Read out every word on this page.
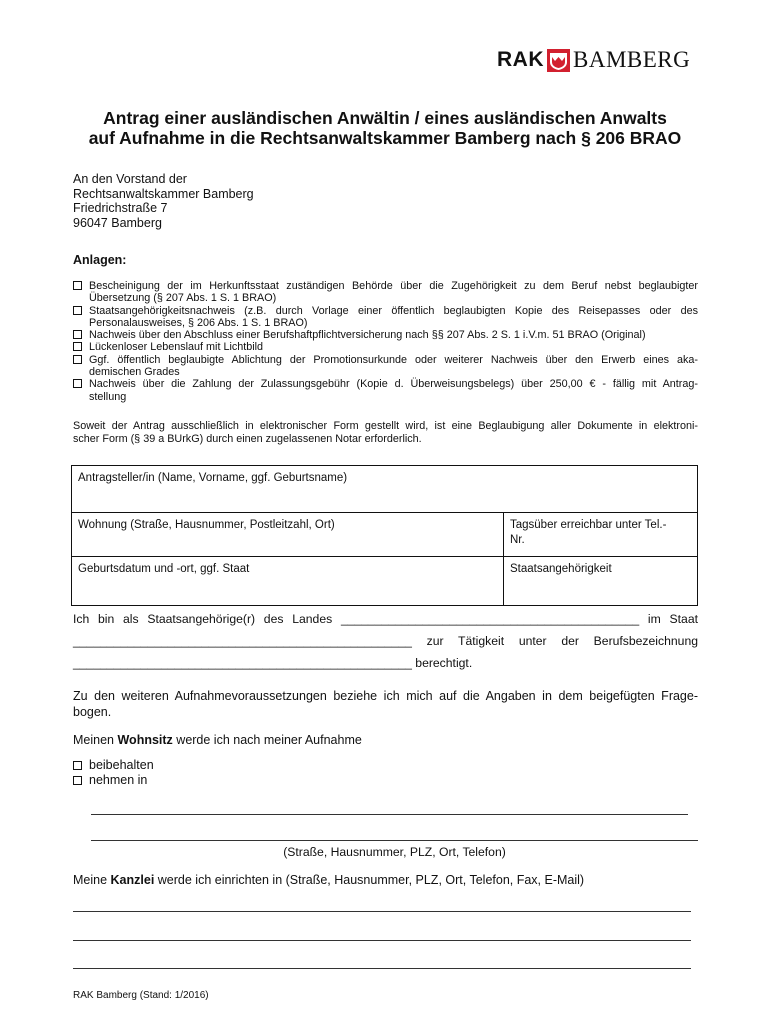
RAK BAMBERG
Antrag einer ausländischen Anwältin / eines ausländischen Anwalts
auf Aufnahme in die Rechtsanwaltskammer Bamberg nach § 206 BRAO
An den Vorstand der
Rechtsanwaltskammer Bamberg
Friedrichstraße 7
96047 Bamberg
Anlagen:
Bescheinigung der im Herkunftsstaat zuständigen Behörde über die Zugehörigkeit zu dem Beruf nebst beglaubigter
Übersetzung (§ 207 Abs. 1 S. 1 BRAO)
Staatsangehörigkeitsnachweis (z.B. durch Vorlage einer öffentlich beglaubigten Kopie des Reisepasses oder des
Personalausweises, § 206 Abs. 1 S. 1 BRAO)
Nachweis über den Abschluss einer Berufshaftpflichtversicherung nach §§ 207 Abs. 2 S. 1 i.V.m. 51 BRAO (Original)
Lückenloser Lebenslauf mit Lichtbild
Ggf. öffentlich beglaubigte Ablichtung der Promotionsurkunde oder weiterer Nachweis über den Erwerb eines aka-
demischen Grades
Nachweis über die Zahlung der Zulassungsgebühr (Kopie d. Überweisungsbelegs) über 250,00 € - fällig mit Antrag-
stellung
Soweit der Antrag ausschließlich in elektronischer Form gestellt wird, ist eine Beglaubigung aller Dokumente in elektroni-
scher Form (§ 39 a BUrkG) durch einen zugelassenen Notar erforderlich.
Antragsteller/in (Name, Vorname, ggf. Geburtsname)	
Wohnung (Straße, Hausnummer, Postleitzahl, Ort)	Tagsüber erreichbar unter Tel.-
Nr.
Geburtsdatum und -ort, ggf. Staat	Staatsangehörigkeit
Ich bin als Staatsangehörige(r) des Landes ____________________________________________ im Staat
__________________________________________________ zur Tätigkeit unter der Berufsbezeichnung
__________________________________________________ berechtigt.
Zu den weiteren Aufnahmevoraussetzungen beziehe ich mich auf die Angaben in dem beigefügten Frage-
bogen.
Meinen Wohnsitz werde ich nach meiner Aufnahme
beibehalten
nehmen in
(Straße, Hausnummer, PLZ, Ort, Telefon)
Meine Kanzlei werde ich einrichten in (Straße, Hausnummer, PLZ, Ort, Telefon, Fax, E-Mail)
RAK Bamberg (Stand: 1/2016)
